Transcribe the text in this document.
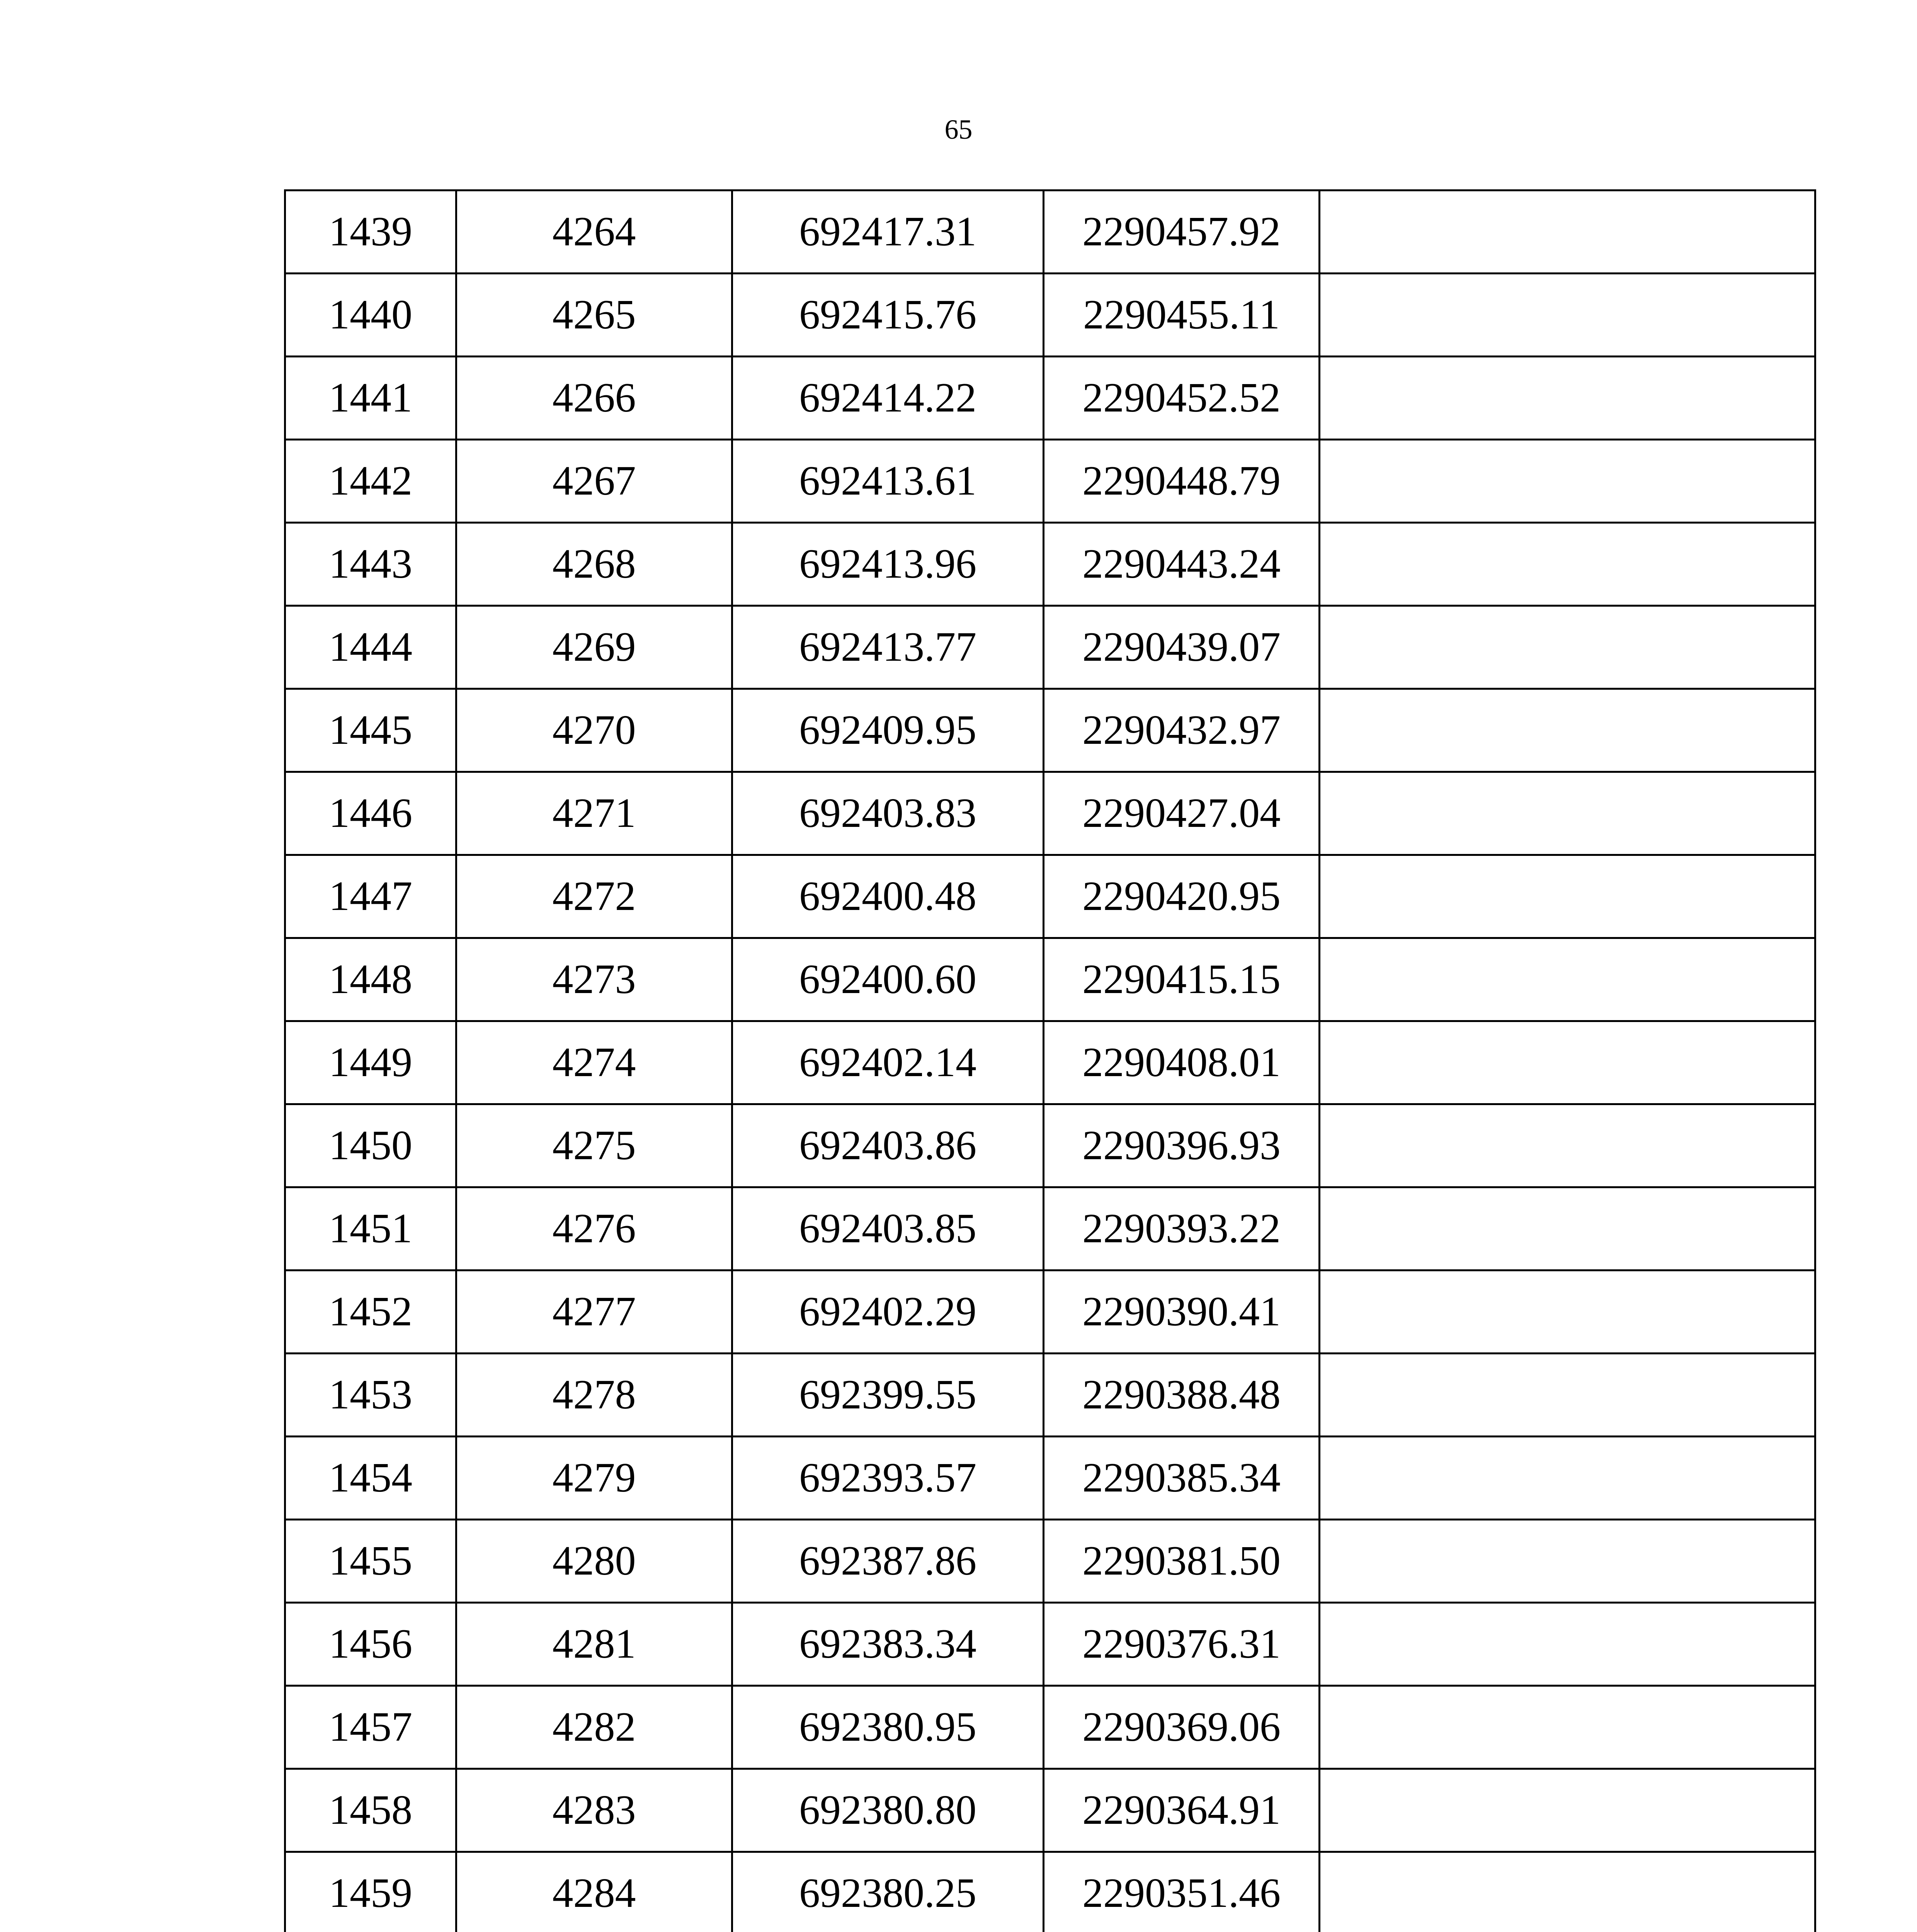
65
1439	4264	692417.31	2290457.92	
1440	4265	692415.76	2290455.11	
1441	4266	692414.22	2290452.52	
1442	4267	692413.61	2290448.79	
1443	4268	692413.96	2290443.24	
1444	4269	692413.77	2290439.07	
1445	4270	692409.95	2290432.97	
1446	4271	692403.83	2290427.04	
1447	4272	692400.48	2290420.95	
1448	4273	692400.60	2290415.15	
1449	4274	692402.14	2290408.01	
1450	4275	692403.86	2290396.93	
1451	4276	692403.85	2290393.22	
1452	4277	692402.29	2290390.41	
1453	4278	692399.55	2290388.48	
1454	4279	692393.57	2290385.34	
1455	4280	692387.86	2290381.50	
1456	4281	692383.34	2290376.31	
1457	4282	692380.95	2290369.06	
1458	4283	692380.80	2290364.91	
1459	4284	692380.25	2290351.46	
